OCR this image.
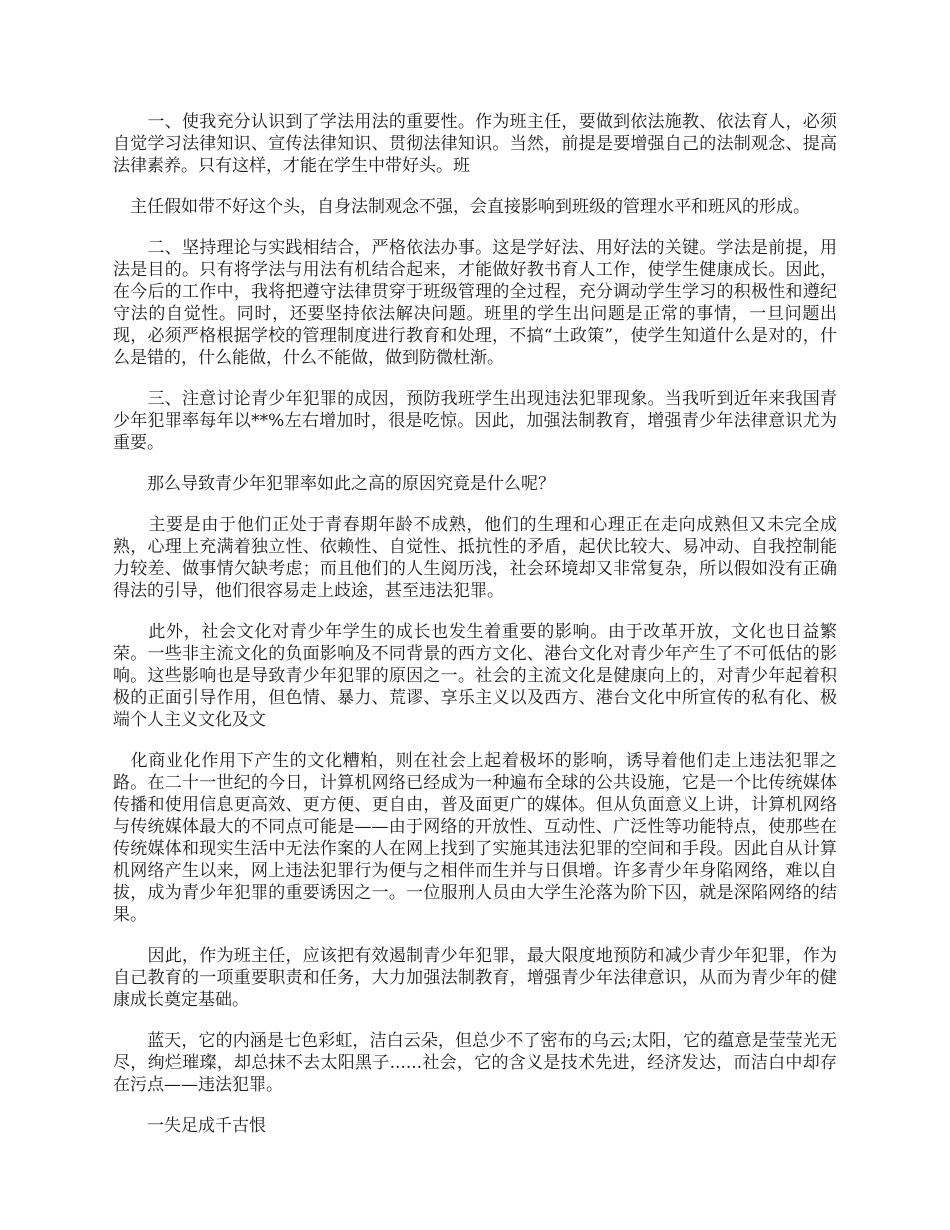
　　一、使我充分认识到了学法用法的重要性。作为班主任，要做到依法施教、依法育人，必须自觉学习法律知识、宣传法律知识、贯彻法律知识。当然，前提是要增强自己的法制观念、提高法律素养。只有这样，才能在学生中带好头。班

　主任假如带不好这个头，自身法制观念不强，会直接影响到班级的管理水平和班风的形成。

　　二、坚持理论与实践相结合，严格依法办事。这是学好法、用好法的关键。学法是前提，用法是目的。只有将学法与用法有机结合起来，才能做好教书育人工作，使学生健康成长。因此，在今后的工作中，我将把遵守法律贯穿于班级管理的全过程，充分调动学生学习的积极性和遵纪守法的自觉性。同时，还要坚持依法解决问题。班里的学生出问题是正常的事情，一旦问题出现，必须严格根据学校的管理制度进行教育和处理，不搞“土政策”，使学生知道什么是对的，什么是错的，什么能做，什么不能做，做到防微杜渐。

　　三、注意讨论青少年犯罪的成因，预防我班学生出现违法犯罪现象。当我听到近年来我国青少年犯罪率每年以**%左右增加时，很是吃惊。因此，加强法制教育，增强青少年法律意识尤为重要。

　　那么导致青少年犯罪率如此之高的原因究竟是什么呢？

　　主要是由于他们正处于青春期年龄不成熟，他们的生理和心理正在走向成熟但又未完全成熟，心理上充满着独立性、依赖性、自觉性、抵抗性的矛盾，起伏比较大、易冲动、自我控制能力较差、做事情欠缺考虑；而且他们的人生阅历浅，社会环境却又非常复杂，所以假如没有正确得法的引导，他们很容易走上歧途，甚至违法犯罪。

　　此外，社会文化对青少年学生的成长也发生着重要的影响。由于改革开放，文化也日益繁荣。一些非主流文化的负面影响及不同背景的西方文化、港台文化对青少年产生了不可低估的影响。这些影响也是导致青少年犯罪的原因之一。社会的主流文化是健康向上的，对青少年起着积极的正面引导作用，但色情、暴力、荒谬、享乐主义以及西方、港台文化中所宣传的私有化、极端个人主义文化及文

　化商业化作用下产生的文化糟粕，则在社会上起着极坏的影响，诱导着他们走上违法犯罪之路。在二十一世纪的今日，计算机网络已经成为一种遍布全球的公共设施，它是一个比传统媒体传播和使用信息更高效、更方便、更自由，普及面更广的媒体。但从负面意义上讲，计算机网络与传统媒体最大的不同点可能是——由于网络的开放性、互动性、广泛性等功能特点，使那些在传统媒体和现实生活中无法作案的人在网上找到了实施其违法犯罪的空间和手段。因此自从计算机网络产生以来，网上违法犯罪行为便与之相伴而生并与日俱增。许多青少年身陷网络，难以自拔，成为青少年犯罪的重要诱因之一。一位服刑人员由大学生沦落为阶下囚，就是深陷网络的结果。

　　因此，作为班主任，应该把有效遏制青少年犯罪，最大限度地预防和减少青少年犯罪，作为自己教育的一项重要职责和任务，大力加强法制教育，增强青少年法律意识，从而为青少年的健康成长奠定基础。

　　蓝天，它的内涵是七色彩虹，洁白云朵，但总少不了密布的乌云;太阳，它的蕴意是莹莹光无尽，绚烂璀璨，却总抹不去太阳黑子......社会，它的含义是技术先进，经济发达，而洁白中却存在污点——违法犯罪。

　　一失足成千古恨
